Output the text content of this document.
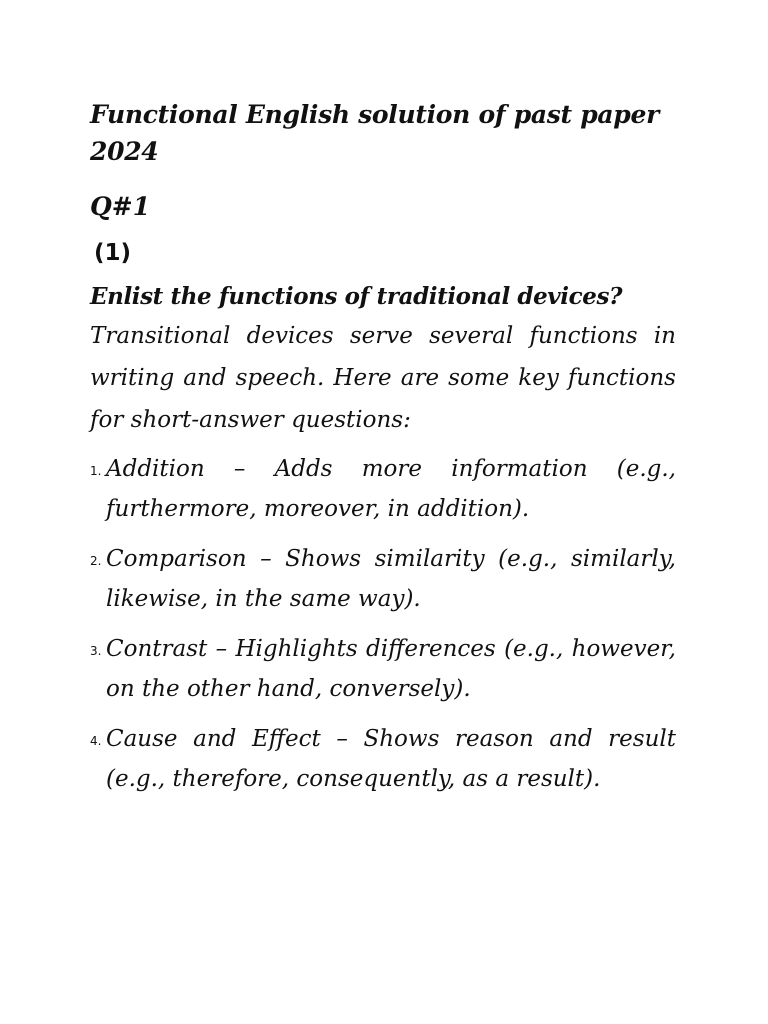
Functional English solution of past paper 2024

Q#1

(1)

Enlist the functions of traditional devices?

Transitional devices serve several functions in writing and speech. Here are some key functions for short-answer questions:

1. Addition – Adds more information (e.g., furthermore, moreover, in addition).
2. Comparison – Shows similarity (e.g., similarly, likewise, in the same way).
3. Contrast – Highlights differences (e.g., however, on the other hand, conversely).
4. Cause and Effect – Shows reason and result (e.g., therefore, consequently, as a result).
